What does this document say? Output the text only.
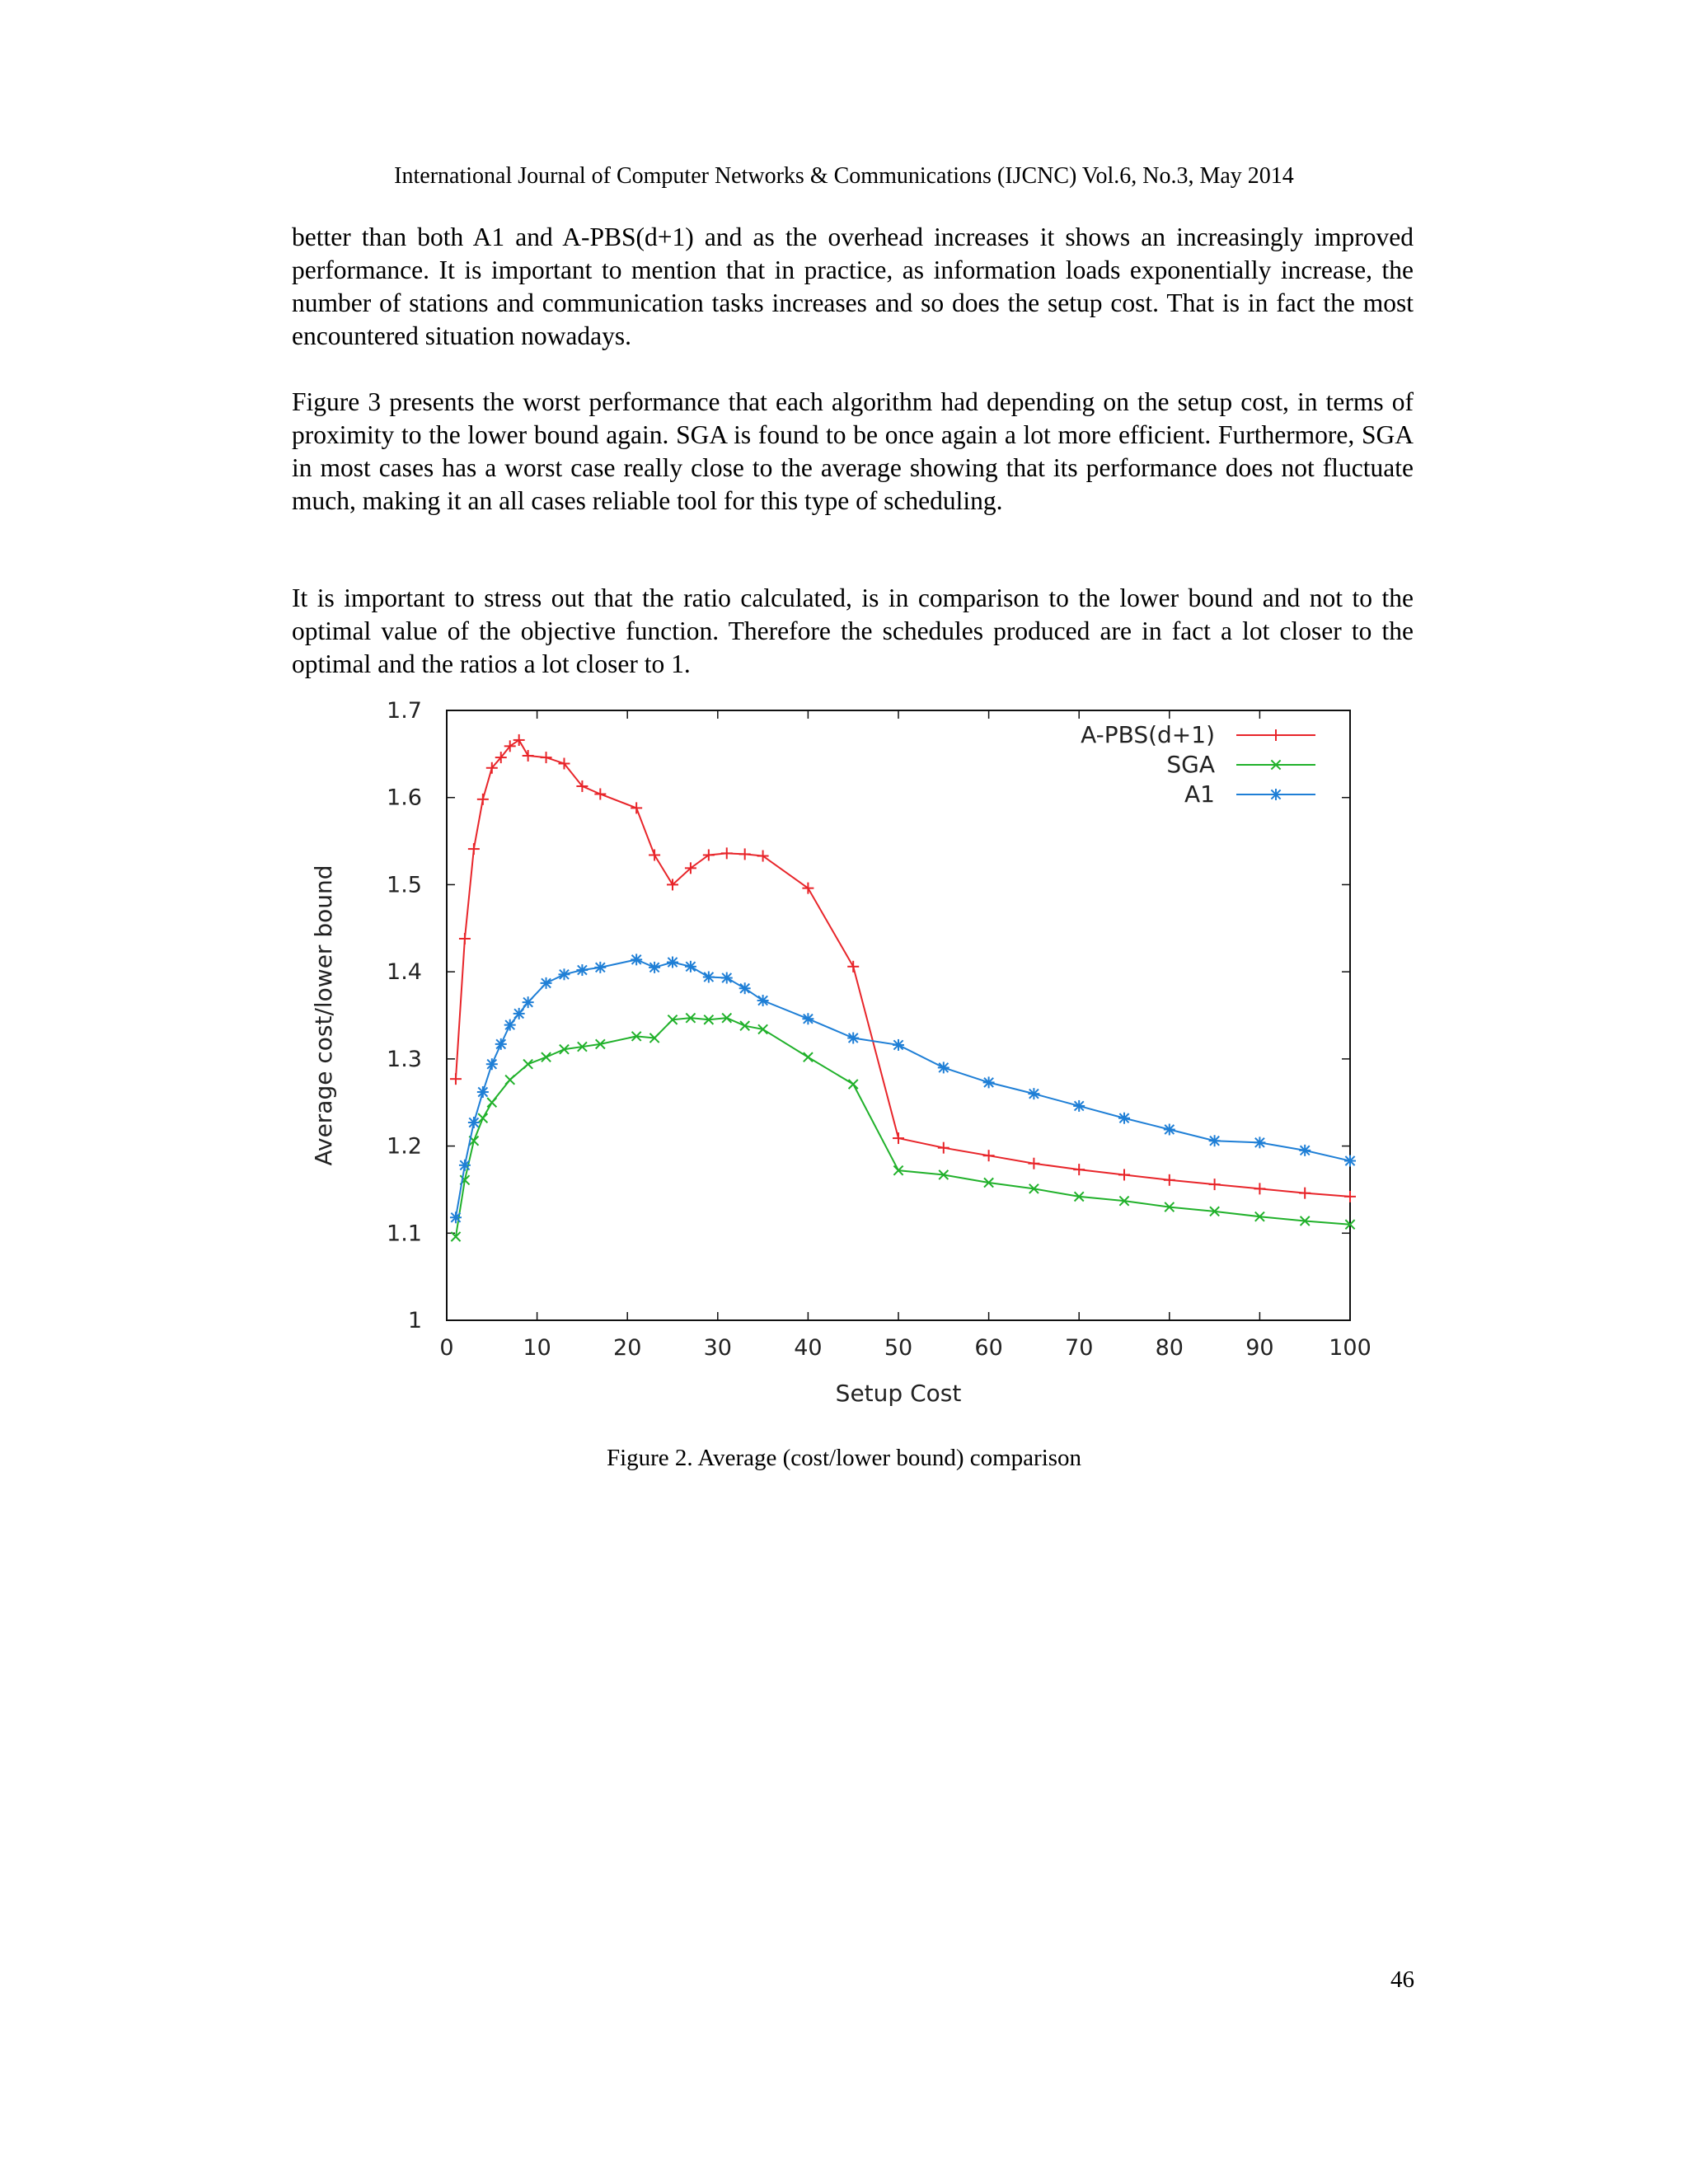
International Journal of Computer Networks & Communications (IJCNC) Vol.6, No.3, May 2014

better than both A1 and A-PBS(d+1) and as the overhead increases it shows an increasingly improved performance. It is important to mention that in practice, as information loads exponentially increase, the number of stations and communication tasks increases and so does the setup cost. That is in fact the most encountered situation nowadays.

Figure 3 presents the worst performance that each algorithm had depending on the setup cost, in terms of proximity to the lower bound again. SGA is found to be once again a lot more efficient. Furthermore, SGA in most cases has a worst case really close to the average showing that its performance does not fluctuate much, making it an all cases reliable tool for this type of scheduling.

It is important to stress out that the ratio calculated, is in comparison to the lower bound and not to the optimal value of the objective function. Therefore the schedules produced are in fact a lot closer to the optimal and the ratios a lot closer to 1.

0	10	20	30	40	50	60	70	80	90 100
1
1.1
1.2
1.3
1.4
1.5
1.6
1.7
A-PBS(d+1)
SGA
A1
Setup Cost
Average cost/lower bound
Figure 2. Average (cost/lower bound) comparison
46
